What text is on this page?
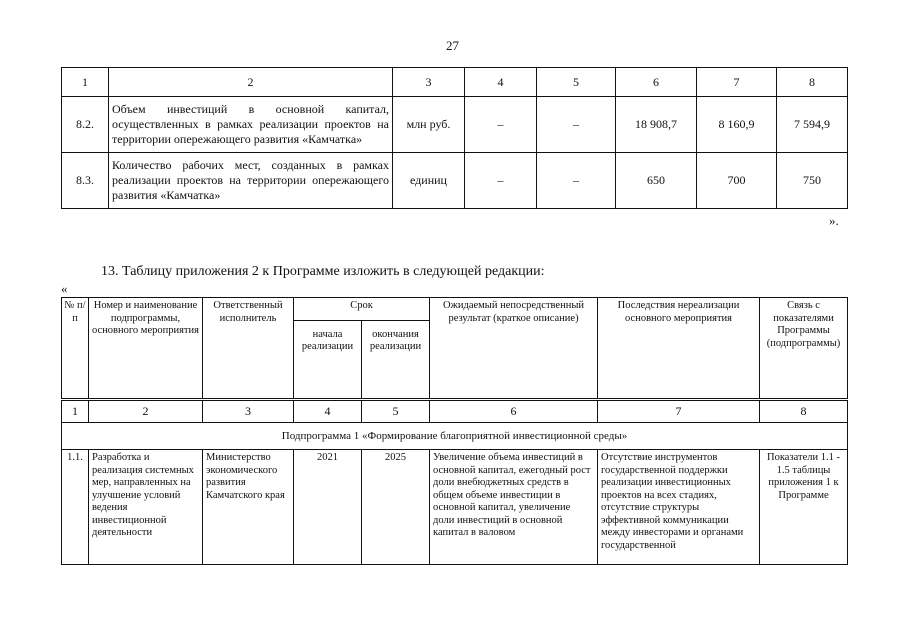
27
1	2	3	4	5	6	7	8
8.2.	Объем инвестиций в основной капитал, осуществленных в рамках реализации проектов на территории опережающего развития «Камчатка»	млн руб.	–	–	18 908,7	8 160,9	7 594,9
8.3.	Количество рабочих мест, созданных в рамках реализации проектов на территории опережающего развития «Камчатка»	единиц	–	–	650	700	750
».
13. Таблицу приложения 2 к Программе изложить в следующей редакции:
«
№ п/п	Номер и наименование подпрограммы, основного мероприятия	Ответственный исполнитель	Срок		Ожидаемый непосредственный результат (краткое описание)	Последствия нереализации основного мероприятия	Связь с показателями Программы (подпрограммы)
			начала реализации	окончания реализации			
1	2	3	4	5	6	7	8
Подпрограмма 1 «Формирование благоприятной инвестиционной среды»							
1.1.	Разработка и реализация системных мер, направленных на улучшение условий ведения инвестиционной деятельности	Министерство экономического развития Камчатского края	2021	2025	Увеличение объема инвестиций в основной капитал, ежегодный рост доли внебюджетных средств в общем объеме инвестиции в основной капитал, увеличение доли инвестиций в основной капитал в валовом	Отсутствие инструментов государственной поддержки реализации инвестиционных проектов на всех стадиях, отсутствие структуры эффективной коммуникации между инвесторами и органами государственной	Показатели 1.1 - 1.5 таблицы приложения 1 к Программе
